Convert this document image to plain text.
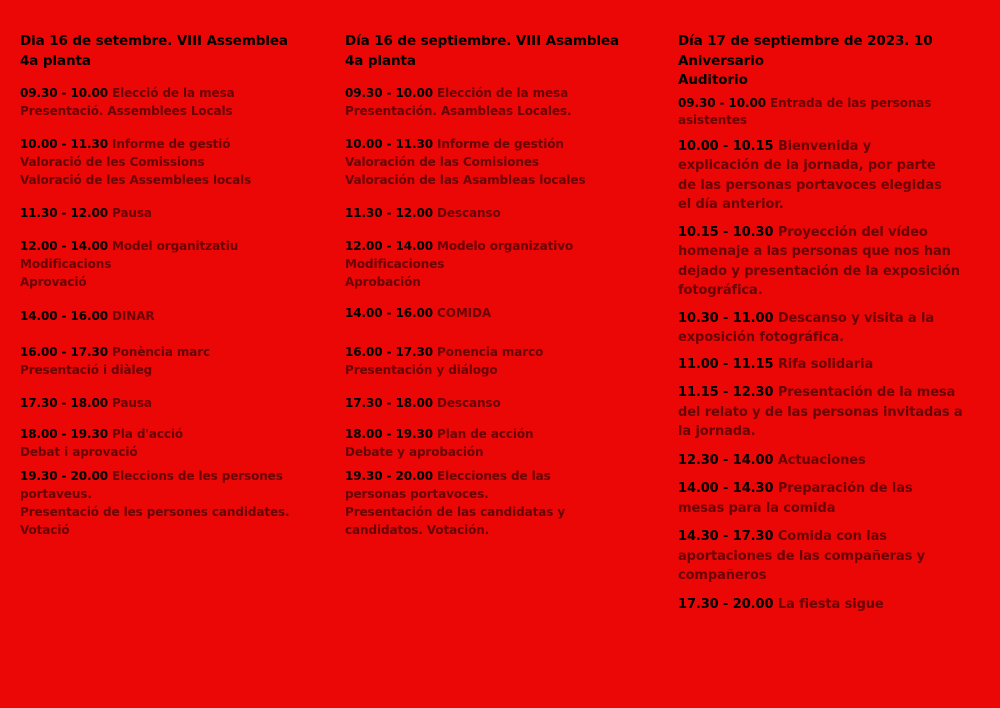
Dia 16 de setembre. VIII Assemblea
4a planta
09.30 - 10.00 Elecció de la mesa
Presentació. Assemblees Locals
10.00 - 11.30 Informe de gestió
Valoració de les Comissions
Valoració de les Assemblees locals
11.30 - 12.00 Pausa
12.00 - 14.00 Model organitzatiu
Modificacions
Aprovació
14.00 - 16.00 DINAR
16.00 - 17.30 Ponència marc
Presentació i diàleg
17.30 - 18.00 Pausa
18.00 - 19.30 Pla d'acció
Debat i aprovació
19.30 - 20.00 Eleccions de les persones portaveus.
Presentació de les persones candidates. Votació
Día 16 de septiembre. VIII Asamblea
4a planta
09.30 - 10.00 Elección de la mesa
Presentación. Asambleas Locales.
10.00 - 11.30 Informe de gestión
Valoración de las Comisiones
Valoración de las Asambleas locales
11.30 - 12.00 Descanso
12.00 - 14.00 Modelo organizativo
Modificaciones
Aprobación
14.00 - 16.00 COMIDA
16.00 - 17.30 Ponencia marco
Presentación y diálogo
17.30 - 18.00 Descanso
18.00 - 19.30 Plan de acción
Debate y aprobación
19.30 - 20.00 Elecciones de las personas portavoces.
Presentación de las candidatas y candidatos. Votación.
Día 17 de septiembre de 2023. 10
Aniversario
Auditorio
09.30 - 10.00 Entrada de las personas asistentes
10.00 - 10.15 Bienvenida y explicación de la jornada, por parte de las personas portavoces elegidas el día anterior.
10.15 - 10.30 Proyección del vídeo homenaje a las personas que nos han dejado y presentación de la exposición fotográfica.
10.30 - 11.00 Descanso y visita a la exposición fotográfica.
11.00 - 11.15 Rifa solidaria
11.15 - 12.30 Presentación de la mesa del relato y de las personas invitadas a la jornada.
12.30 - 14.00 Actuaciones
14.00 - 14.30 Preparación de las mesas para la comida
14.30 - 17.30 Comida con las aportaciones de las compañeras y compañeros
17.30 - 20.00 La fiesta sigue
